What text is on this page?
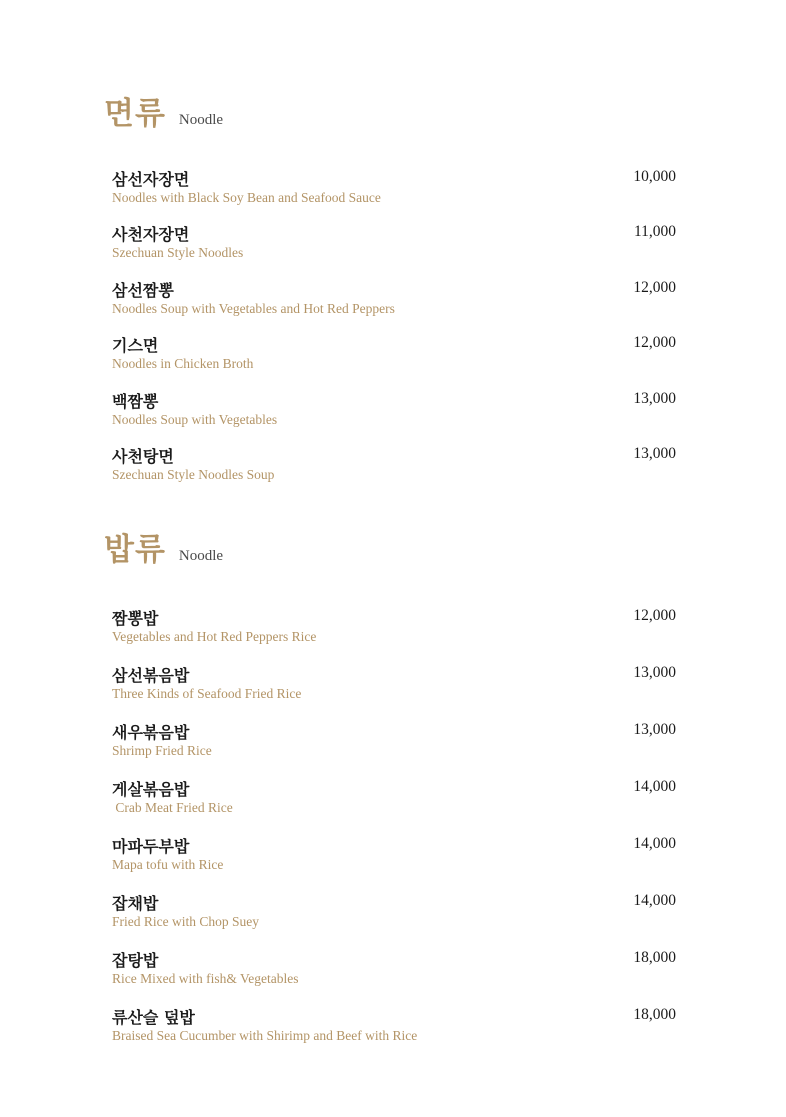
면류 Noodle
삼선자장면
Noodles with Black Soy Bean and Seafood Sauce
10,000
사천자장면
Szechuan Style Noodles
11,000
삼선짬뽕
Noodles Soup with Vegetables and Hot Red Peppers
12,000
기스면
Noodles in Chicken Broth
12,000
백짬뽕
Noodles Soup with Vegetables
13,000
사천탕면
Szechuan Style Noodles Soup
13,000
밥류 Noodle
짬뽕밥
Vegetables and Hot Red Peppers Rice
12,000
삼선볶음밥
Three Kinds of Seafood Fried Rice
13,000
새우볶음밥
Shrimp Fried Rice
13,000
게살볶음밥
Crab Meat Fried Rice
14,000
마파두부밥
Mapa tofu with Rice
14,000
잡채밥
Fried Rice with Chop Suey
14,000
잡탕밥
Rice Mixed with fish& Vegetables
18,000
류산슬 덮밥
Braised Sea Cucumber with Shirimp and Beef with Rice
18,000
